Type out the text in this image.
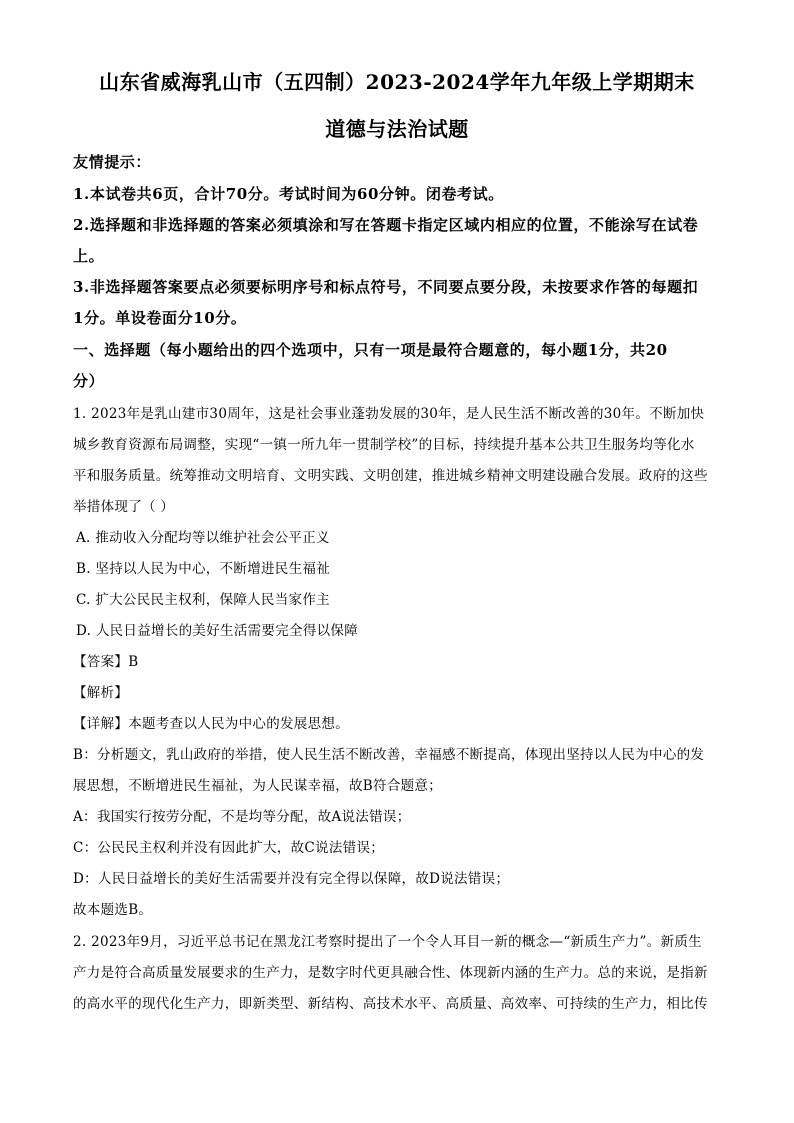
山东省威海乳山市（五四制）2023-2024学年九年级上学期期末
道德与法治试题
友情提示：
1.本试卷共6页，合计70分。考试时间为60分钟。闭卷考试。
2.选择题和非选择题的答案必须填涂和写在答题卡指定区域内相应的位置，不能涂写在试卷
上。
3.非选择题答案要点必须要标明序号和标点符号，不同要点要分段，未按要求作答的每题扣
1分。单设卷面分10分。
一、选择题（每小题给出的四个选项中，只有一项是最符合题意的，每小题1分，共20
分）
1. 2023年是乳山建市30周年，这是社会事业蓬勃发展的30年，是人民生活不断改善的30年。不断加快
城乡教育资源布局调整，实现“一镇一所九年一贯制学校”的目标，持续提升基本公共卫生服务均等化水
平和服务质量。统筹推动文明培育、文明实践、文明创建，推进城乡精神文明建设融合发展。政府的这些
举措体现了（ ）
A. 推动收入分配均等以维护社会公平正义
B. 坚持以人民为中心，不断增进民生福祉
C. 扩大公民民主权利，保障人民当家作主
D. 人民日益增长的美好生活需要完全得以保障
【答案】B
【解析】
【详解】本题考查以人民为中心的发展思想。
B：分析题文，乳山政府的举措，使人民生活不断改善，幸福感不断提高，体现出坚持以人民为中心的发
展思想，不断增进民生福祉，为人民谋幸福，故B符合题意；
A：我国实行按劳分配，不是均等分配，故A说法错误；
C：公民民主权利并没有因此扩大，故C说法错误；
D：人民日益增长的美好生活需要并没有完全得以保障，故D说法错误；
故本题选B。
2. 2023年9月，习近平总书记在黑龙江考察时提出了一个令人耳目一新的概念—“新质生产力”。新质生
产力是符合高质量发展要求的生产力，是数字时代更具融合性、体现新内涵的生产力。总的来说，是指新
的高水平的现代化生产力，即新类型、新结构、高技术水平、高质量、高效率、可持续的生产力，相比传
